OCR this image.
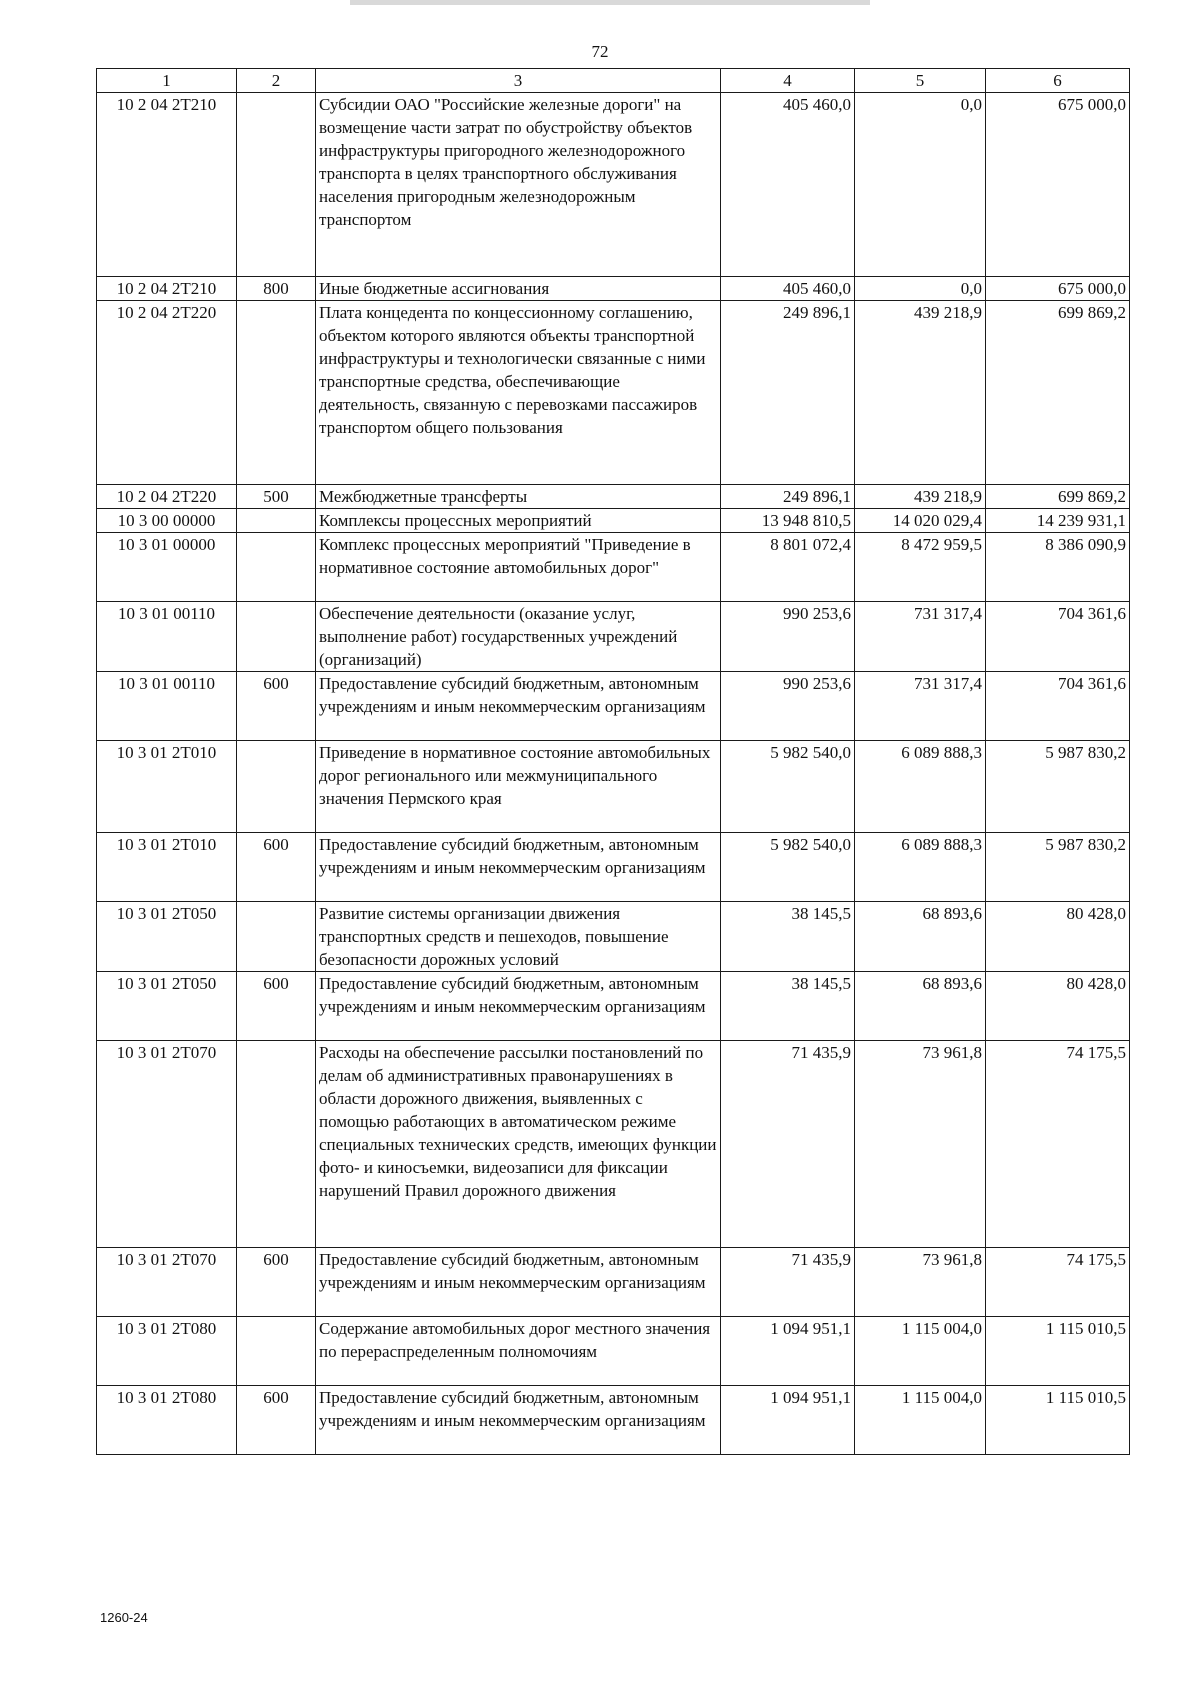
72
1	2	3	4	5	6
10 2 04 2Т210		Субсидии ОАО "Российские железные дороги" на возмещение части затрат по обустройству объектов инфраструктуры пригородного железнодорожного транспорта в целях транспортного обслуживания населения пригородным железнодорожным транспортом	405 460,0	0,0	675 000,0
10 2 04 2Т210	800	Иные бюджетные ассигнования	405 460,0	0,0	675 000,0
10 2 04 2Т220		Плата концедента по концессионному соглашению, объектом которого являются объекты транспортной инфраструктуры и технологически связанные с ними транспортные средства, обеспечивающие деятельность, связанную с перевозками пассажиров транспортом общего пользования	249 896,1	439 218,9	699 869,2
10 2 04 2Т220	500	Межбюджетные трансферты	249 896,1	439 218,9	699 869,2
10 3 00 00000		Комплексы процессных мероприятий	13 948 810,5	14 020 029,4	14 239 931,1
10 3 01 00000		Комплекс процессных мероприятий "Приведение в нормативное состояние автомобильных дорог"	8 801 072,4	8 472 959,5	8 386 090,9
10 3 01 00110		Обеспечение деятельности (оказание услуг, выполнение работ) государственных учреждений (организаций)	990 253,6	731 317,4	704 361,6
10 3 01 00110	600	Предоставление субсидий бюджетным, автономным учреждениям и иным некоммерческим организациям	990 253,6	731 317,4	704 361,6
10 3 01 2Т010		Приведение в нормативное состояние автомобильных дорог регионального или межмуниципального значения Пермского края	5 982 540,0	6 089 888,3	5 987 830,2
10 3 01 2Т010	600	Предоставление субсидий бюджетным, автономным учреждениям и иным некоммерческим организациям	5 982 540,0	6 089 888,3	5 987 830,2
10 3 01 2Т050		Развитие системы организации движения транспортных средств и пешеходов, повышение безопасности дорожных условий	38 145,5	68 893,6	80 428,0
10 3 01 2Т050	600	Предоставление субсидий бюджетным, автономным учреждениям и иным некоммерческим организациям	38 145,5	68 893,6	80 428,0
10 3 01 2Т070		Расходы на обеспечение рассылки постановлений по делам об административных правонарушениях в области дорожного движения, выявленных с помощью работающих в автоматическом режиме специальных технических средств, имеющих функции фото- и киносъемки, видеозаписи для фиксации нарушений Правил дорожного движения	71 435,9	73 961,8	74 175,5
10 3 01 2Т070	600	Предоставление субсидий бюджетным, автономным учреждениям и иным некоммерческим организациям	71 435,9	73 961,8	74 175,5
10 3 01 2Т080		Содержание автомобильных дорог местного значения по перераспределенным полномочиям	1 094 951,1	1 115 004,0	1 115 010,5
10 3 01 2Т080	600	Предоставление субсидий бюджетным, автономным учреждениям и иным некоммерческим организациям	1 094 951,1	1 115 004,0	1 115 010,5
1260-24
